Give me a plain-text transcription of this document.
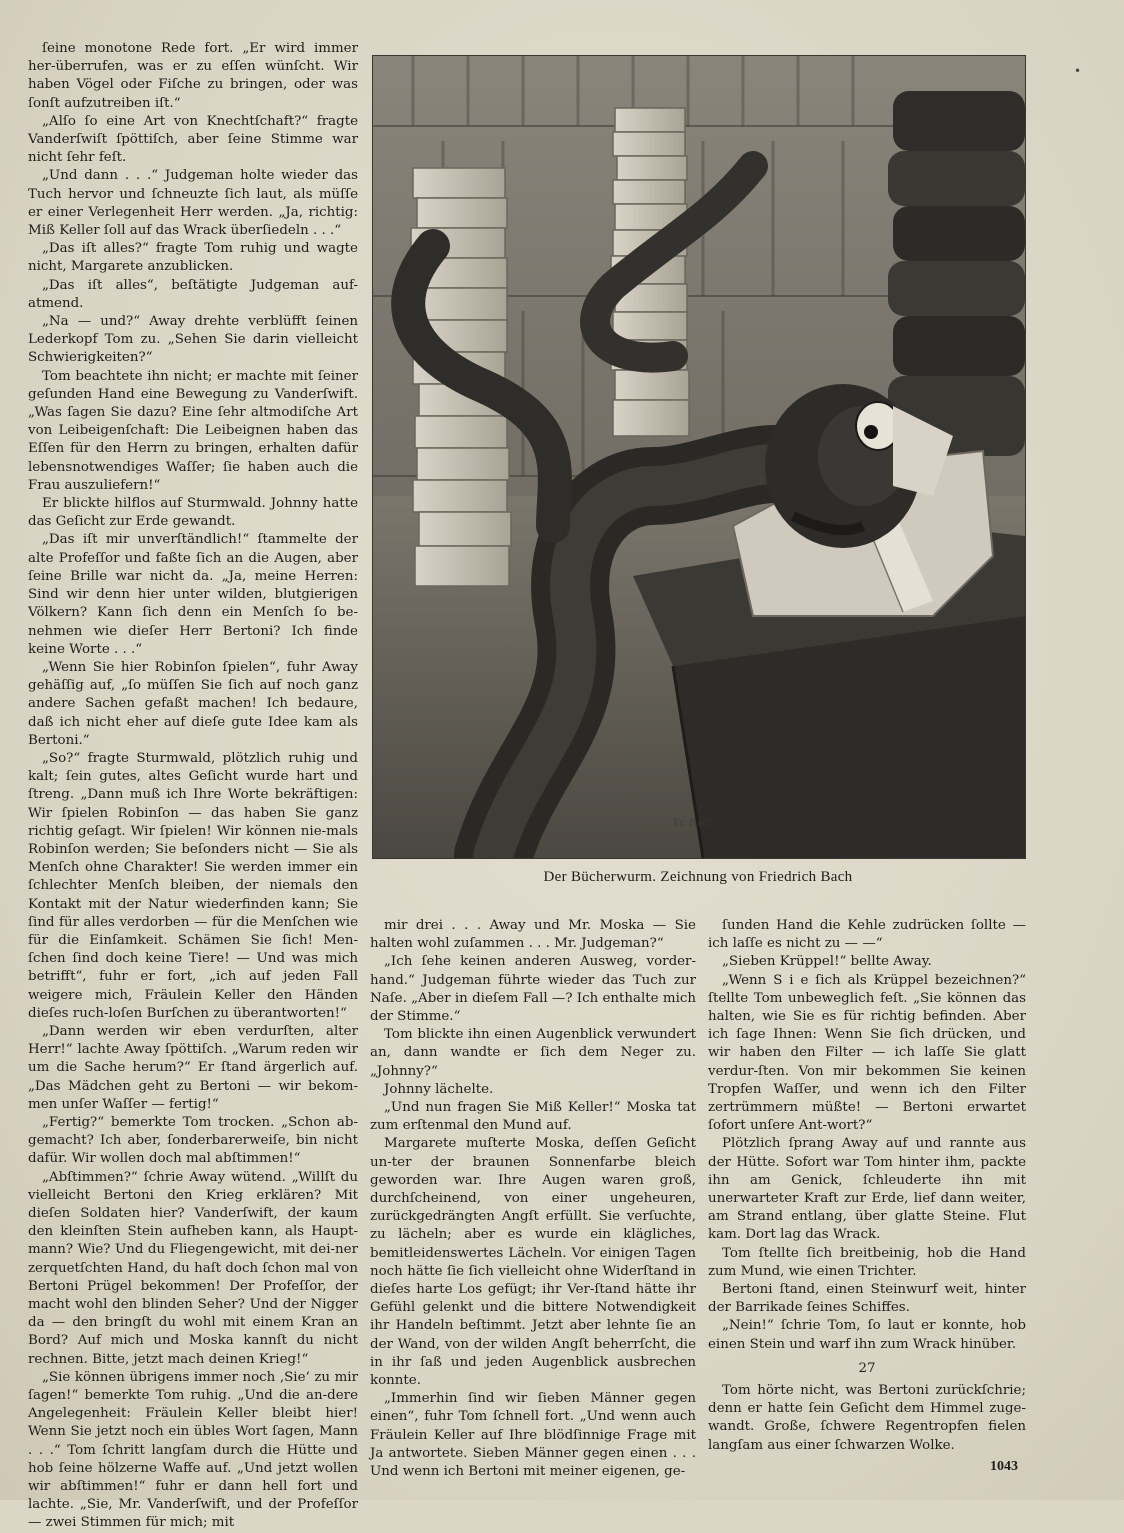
•

ſeine monotone Rede fort. „Er wird immer her-überrufen, was er zu eſſen wünſcht. Wir haben Vögel oder Fiſche zu bringen, oder was ſonſt aufzutreiben iſt.“

„Alſo ſo eine Art von Knechtſchaft?“ fragte Vanderſwiſt ſpöttiſch, aber ſeine Stimme war nicht ſehr feſt.

„Und dann . . .“ Judgeman holte wieder das Tuch hervor und ſchneuzte ſich laut, als müſſe er einer Verlegenheit Herr werden. „Ja, richtig: Miß Keller ſoll auf das Wrack überſiedeln . . .“

„Das iſt alles?“ fragte Tom ruhig und wagte nicht, Margarete anzublicken.

„Das iſt alles“, beſtätigte Judgeman auf-atmend.

„Na — und?“ Away drehte verblüfft ſeinen Lederkopf Tom zu. „Sehen Sie darin vielleicht Schwierigkeiten?“

Tom beachtete ihn nicht; er machte mit ſeiner geſunden Hand eine Bewegung zu Vanderſwift. „Was ſagen Sie dazu? Eine ſehr altmodiſche Art von Leibeigenſchaft: Die Leibeignen haben das Eſſen für den Herrn zu bringen, erhalten dafür lebensnotwendiges Waſſer; ſie haben auch die Frau auszuliefern!“

Er blickte hilflos auf Sturmwald. Johnny hatte das Geſicht zur Erde gewandt.

„Das iſt mir unverſtändlich!“ ſtammelte der alte Profeſſor und faßte ſich an die Augen, aber ſeine Brille war nicht da. „Ja, meine Herren: Sind wir denn hier unter wilden, blutgierigen Völkern? Kann ſich denn ein Menſch ſo be-nehmen wie dieſer Herr Bertoni? Ich finde keine Worte . . .“

„Wenn Sie hier Robinſon ſpielen“, fuhr Away gehäſſig auf, „ſo müſſen Sie ſich auf noch ganz andere Sachen gefaßt machen! Ich bedaure, daß ich nicht eher auf dieſe gute Idee kam als Bertoni.“

„So?“ fragte Sturmwald, plötzlich ruhig und kalt; ſein gutes, altes Geſicht wurde hart und ſtreng. „Dann muß ich Ihre Worte bekräftigen: Wir ſpielen Robinſon — das haben Sie ganz richtig geſagt. Wir ſpielen! Wir können nie-mals Robinſon werden; Sie beſonders nicht — Sie als Menſch ohne Charakter! Sie werden immer ein ſchlechter Menſch bleiben, der niemals den Kontakt mit der Natur wiederfinden kann; Sie ſind für alles verdorben — für die Menſchen wie für die Einſamkeit. Schämen Sie ſich! Men-ſchen ſind doch keine Tiere! — Und was mich betrifft“, fuhr er fort, „ich auf jeden Fall weigere mich, Fräulein Keller den Händen dieſes ruch-loſen Burſchen zu überantworten!“

„Dann werden wir eben verdurſten, alter Herr!“ lachte Away ſpöttiſch. „Warum reden wir um die Sache herum?“ Er ſtand ärgerlich auf. „Das Mädchen geht zu Bertoni — wir bekom-men unſer Waſſer — fertig!“

„Fertig?“ bemerkte Tom trocken. „Schon ab-gemacht? Ich aber, ſonderbarerweiſe, bin nicht dafür. Wir wollen doch mal abſtimmen!“

„Abſtimmen?“ ſchrie Away wütend. „Willſt du vielleicht Bertoni den Krieg erklären? Mit dieſen Soldaten hier? Vanderſwift, der kaum den kleinſten Stein aufheben kann, als Haupt-mann? Wie? Und du Fliegengewicht, mit dei-ner zerquetſchten Hand, du haſt doch ſchon mal von Bertoni Prügel bekommen! Der Profeſſor, der macht wohl den blinden Seher? Und der Nigger da — den bringſt du wohl mit einem Kran an Bord? Auf mich und Moska kannſt du nicht rechnen. Bitte, jetzt mach deinen Krieg!“

„Sie können übrigens immer noch ‚Sie‘ zu mir ſagen!“ bemerkte Tom ruhig. „Und die an-dere Angelegenheit: Fräulein Keller bleibt hier! Wenn Sie jetzt noch ein übles Wort ſagen, Mann . . .“ Tom ſchritt langſam durch die Hütte und hob ſeine hölzerne Waffe auf. „Und jetzt wollen wir abſtimmen!“ fuhr er dann hell fort und lachte. „Sie, Mr. Vanderſwift, und der Profeſſor — zwei Stimmen für mich; mit

Fr. Bach
Der Bücherwurm. Zeichnung von Friedrich Bach

mir drei . . . Away und Mr. Moska — Sie halten wohl zuſammen . . . Mr. Judgeman?“

„Ich ſehe keinen anderen Ausweg, vorder-hand.“ Judgeman führte wieder das Tuch zur Naſe. „Aber in dieſem Fall —? Ich enthalte mich der Stimme.“

Tom blickte ihn einen Augenblick verwundert an, dann wandte er ſich dem Neger zu. „Johnny?“

Johnny lächelte.

„Und nun fragen Sie Miß Keller!“ Moska tat zum erſtenmal den Mund auf.

Margarete muſterte Moska, deſſen Geſicht un-ter der braunen Sonnenfarbe bleich geworden war. Ihre Augen waren groß, durchſcheinend, von einer ungeheuren, zurückgedrängten Angſt erfüllt. Sie verſuchte, zu lächeln; aber es wurde ein klägliches, bemitleidenswertes Lächeln. Vor einigen Tagen noch hätte ſie ſich vielleicht ohne Widerſtand in dieſes harte Los gefügt; ihr Ver-ſtand hätte ihr Gefühl gelenkt und die bittere Notwendigkeit ihr Handeln beſtimmt. Jetzt aber lehnte ſie an der Wand, von der wilden Angſt beherrſcht, die in ihr ſaß und jeden Augenblick ausbrechen konnte.

„Immerhin ſind wir ſieben Männer gegen einen“, fuhr Tom ſchnell fort. „Und wenn auch Fräulein Keller auf Ihre blödſinnige Frage mit Ja antwortete. Sieben Männer gegen einen . . . Und wenn ich Bertoni mit meiner eigenen, ge-

ſunden Hand die Kehle zudrücken ſollte — ich laſſe es nicht zu — —“

„Sieben Krüppel!“ bellte Away.

„Wenn S i e ſich als Krüppel bezeichnen?“ ſtellte Tom unbeweglich feſt. „Sie können das halten, wie Sie es für richtig befinden. Aber ich ſage Ihnen: Wenn Sie ſich drücken, und wir haben den Filter — ich laſſe Sie glatt verdur-ſten. Von mir bekommen Sie keinen Tropfen Waſſer, und wenn ich den Filter zertrümmern müßte! — Bertoni erwartet ſofort unſere Ant-wort?“

Plötzlich ſprang Away auf und rannte aus der Hütte. Sofort war Tom hinter ihm, packte ihn am Genick, ſchleuderte ihn mit unerwarteter Kraft zur Erde, lief dann weiter, am Strand entlang, über glatte Steine. Flut kam. Dort lag das Wrack.

Tom ſtellte ſich breitbeinig, hob die Hand zum Mund, wie einen Trichter.

Bertoni ſtand, einen Steinwurf weit, hinter der Barrikade ſeines Schiffes.

„Nein!“ ſchrie Tom, ſo laut er konnte, hob einen Stein und warf ihn zum Wrack hinüber.

27

Tom hörte nicht, was Bertoni zurückſchrie; denn er hatte ſein Geſicht dem Himmel zuge-wandt. Große, ſchwere Regentropfen fielen langſam aus einer ſchwarzen Wolke.

1043
